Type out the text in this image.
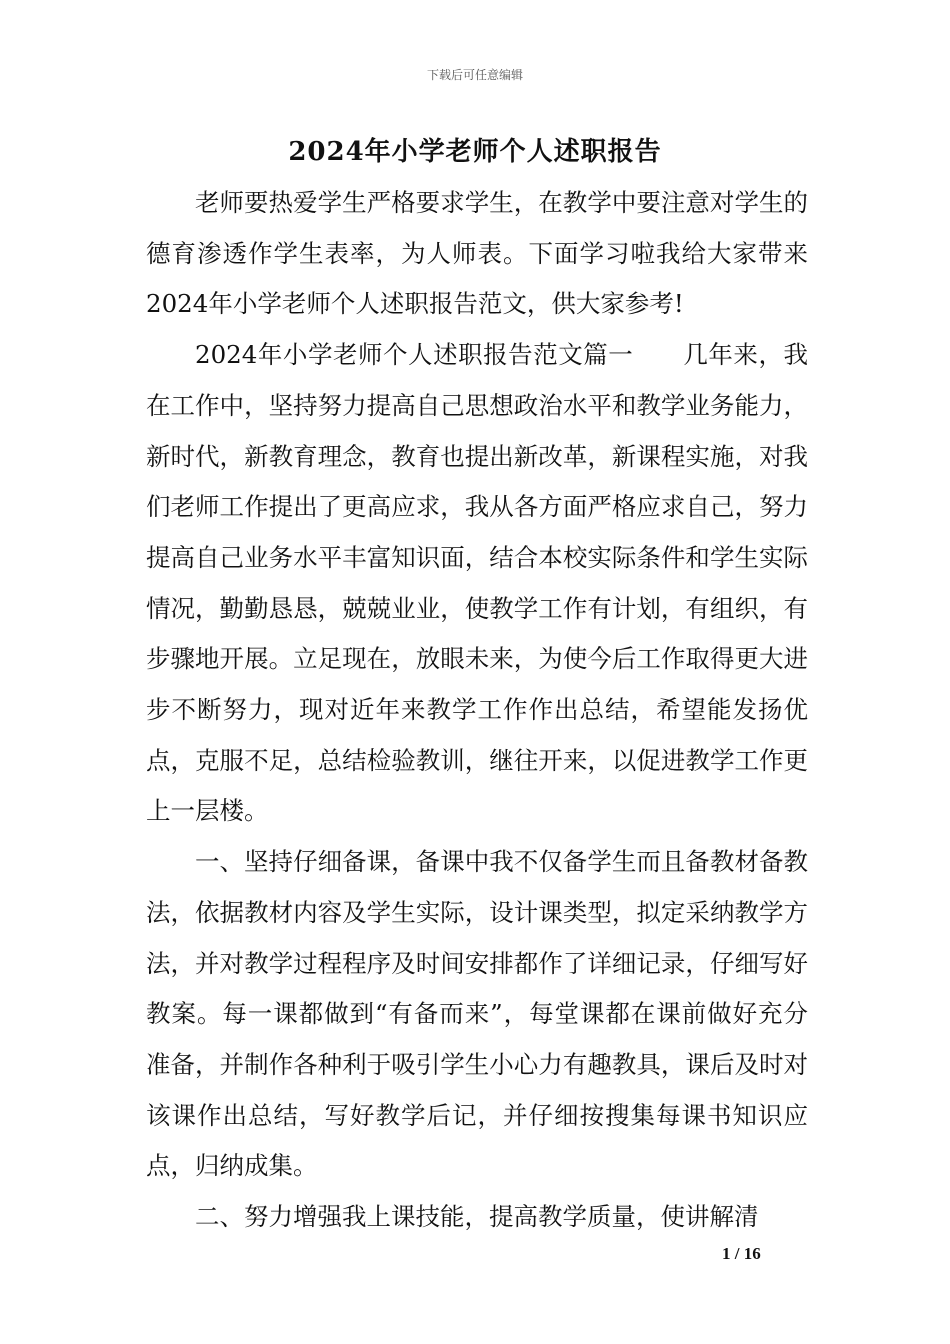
下载后可任意编辑
2024年小学老师个人述职报告

老师要热爱学生严格要求学生，在教学中要注意对学生的德育渗透作学生表率，为人师表。下面学习啦我给大家带来2024年小学老师个人述职报告范文，供大家参考!

2024年小学老师个人述职报告范文篇一　　几年来，我在工作中，坚持努力提高自己思想政治水平和教学业务能力，新时代，新教育理念，教育也提出新改革，新课程实施，对我们老师工作提出了更高应求，我从各方面严格应求自己，努力提高自己业务水平丰富知识面，结合本校实际条件和学生实际情况，勤勤恳恳，兢兢业业，使教学工作有计划，有组织，有步骤地开展。立足现在，放眼未来，为使今后工作取得更大进步不断努力，现对近年来教学工作作出总结，希望能发扬优点，克服不足，总结检验教训，继往开来，以促进教学工作更上一层楼。

一、坚持仔细备课，备课中我不仅备学生而且备教材备教法，依据教材内容及学生实际，设计课类型，拟定采纳教学方法，并对教学过程程序及时间安排都作了详细记录，仔细写好教案。每一课都做到“有备而来”，每堂课都在课前做好充分准备，并制作各种利于吸引学生小心力有趣教具，课后及时对该课作出总结，写好教学后记，并仔细按搜集每课书知识应点，归纳成集。

二、努力增强我上课技能，提高教学质量，使讲解清

1 / 16
